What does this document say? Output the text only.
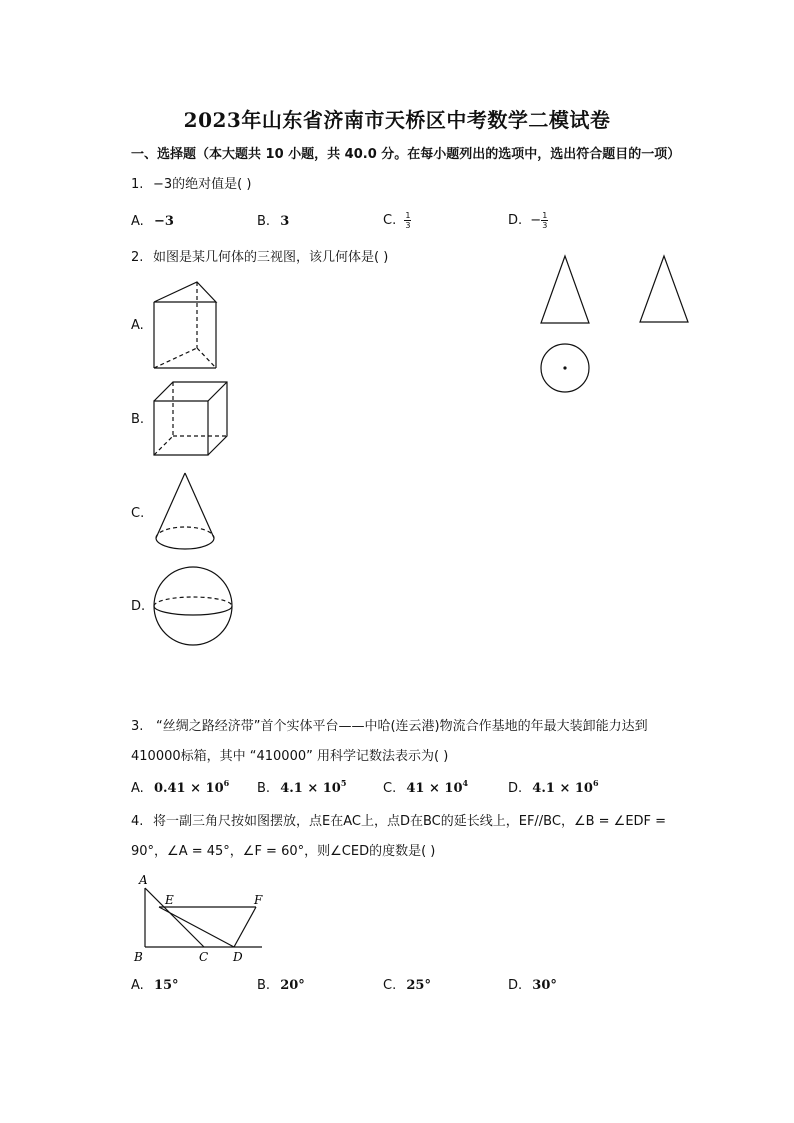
2023年山东省济南市天桥区中考数学二模试卷
一、选择题（本大题共 10 小题，共 40.0 分。在每小题列出的选项中，选出符合题目的一项）
1. −3的绝对值是( )
A. −3	B. 3	C. $\frac{1}{3}$	D. − $\frac{1}{3}$
2. 如图是某几何体的三视图，该几何体是( )
A.
B.
C.
D.
3. “丝绸之路经济带”首个实体平台——中哈(连云港)物流合作基地的年最大装卸能力达到
410000标箱，其中 “410000” 用科学记数法表示为( )
A. $0.41 \times 10^6$ B. $4.1 \times 10^5$	C. $41 \times 10^4$	D. $4.1 \times 10^6$
4. 将一副三角尺按如图摆放，点E在AC上，点D在BC的延长线上，EF//BC，∠B = ∠EDF =
90°，∠A = 45°，∠F = 60°，则∠CED的度数是( )
A
B	C D
E	F
A. 15°	B. 20°	C. 25°	D. 30°
